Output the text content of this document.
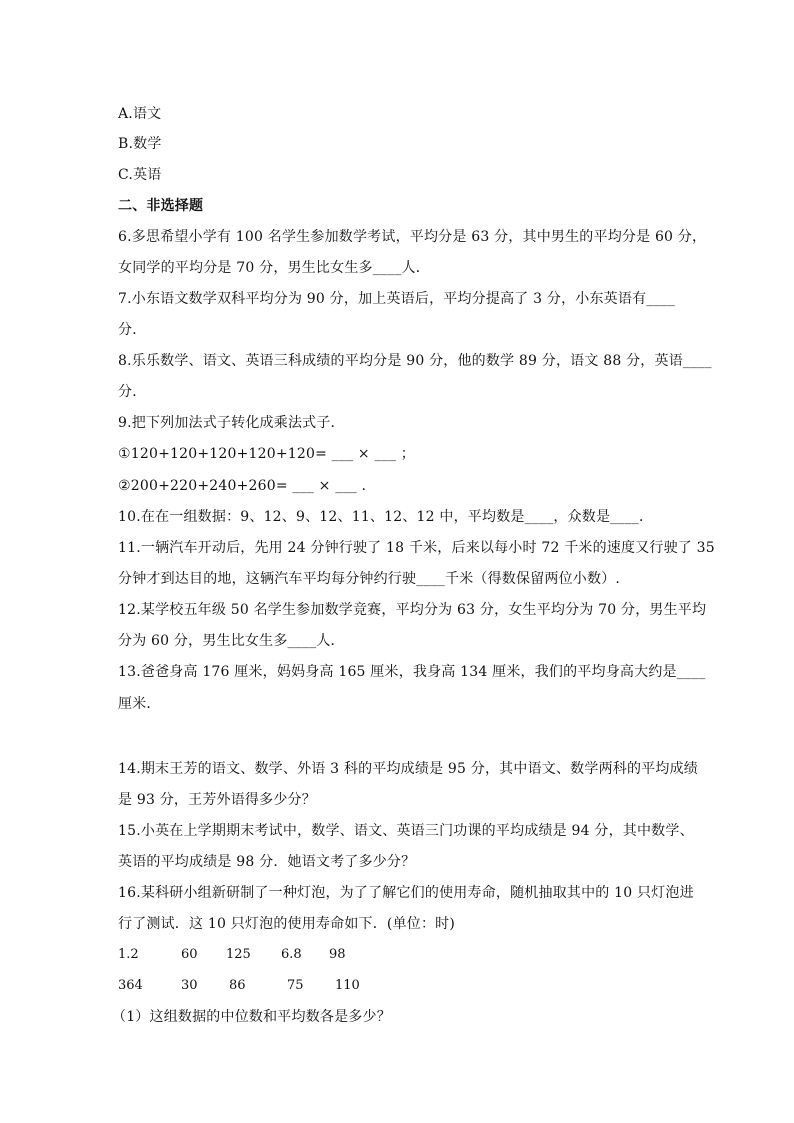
A.语文
B.数学
C.英语
二、非选择题
6.多思希望小学有 100 名学生参加数学考试，平均分是 63 分，其中男生的平均分是 60 分，
女同学的平均分是 70 分，男生比女生多____人．
7.小东语文数学双科平均分为 90 分，加上英语后，平均分提高了 3 分，小东英语有____
分．
8.乐乐数学、语文、英语三科成绩的平均分是 90 分，他的数学 89 分，语文 88 分，英语____
分．
9.把下列加法式子转化成乘法式子．
①120+120+120+120+120= ___ × ___ ；
②200+220+240+260= ___ × ___ .
10.在在一组数据：9、12、9、12、11、12、12 中，平均数是____，众数是____．
11.一辆汽车开动后，先用 24 分钟行驶了 18 千米，后来以每小时 72 千米的速度又行驶了 35
分钟才到达目的地，这辆汽车平均每分钟约行驶____千米（得数保留两位小数）.
12.某学校五年级 50 名学生参加数学竞赛，平均分为 63 分，女生平均分为 70 分，男生平均
分为 60 分，男生比女生多____人．
13.爸爸身高 176 厘米，妈妈身高 165 厘米，我身高 134 厘米，我们的平均身高大约是____
厘米．
14.期末王芳的语文、数学、外语 3 科的平均成绩是 95 分，其中语文、数学两科的平均成绩
是 93 分，王芳外语得多少分？
15.小英在上学期期末考试中，数学、语文、英语三门功课的平均成绩是 94 分，其中数学、
英语的平均成绩是 98 分．她语文考了多少分？
16.某科研小组新研制了一种灯泡，为了了解它们的使用寿命，随机抽取其中的 10 只灯泡进
行了测试．这 10 只灯泡的使用寿命如下．(单位：时)
1.2	60 125 6.8 98
364	30 86	75 110
（1）这组数据的中位数和平均数各是多少？
